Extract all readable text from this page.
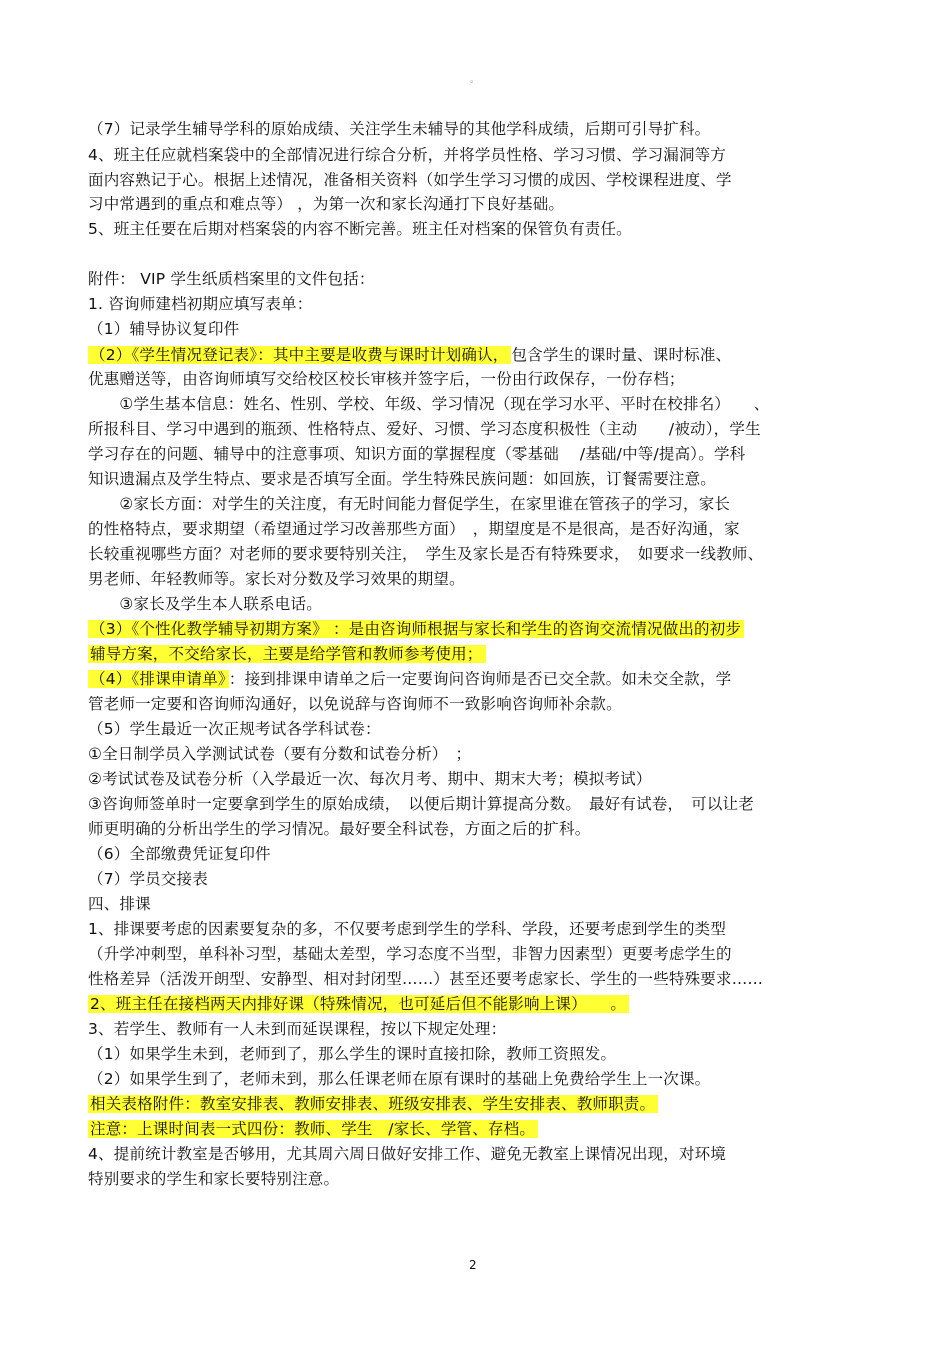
。
（7）记录学生辅导学科的原始成绩、关注学生未辅导的其他学科成绩，后期可引导扩科。
4、班主任应就档案袋中的全部情况进行综合分析，并将学员性格、学习习惯、学习漏洞等方
面内容熟记于心。根据上述情况，准备相关资料（如学生学习习惯的成因、学校课程进度、学
习中常遇到的重点和难点等） ，为第一次和家长沟通打下良好基础。
5、班主任要在后期对档案袋的内容不断完善。班主任对档案的保管负有责任。
附件： VIP 学生纸质档案里的文件包括：
1. 咨询师建档初期应填写表单：
（1）辅导协议复印件
（2）《学生情况登记表》：其中主要是收费与课时计划确认， 包含学生的课时量、课时标准、
优惠赠送等，由咨询师填写交给校区校长审核并签字后，一份由行政保存，一份存档；
　　①学生基本信息：姓名、性别、学校、年级、学习情况（现在学习水平、平时在校排名）　　、
所报科目、学习中遇到的瓶颈、性格特点、爱好、习惯、学习态度积极性（主动　　/被动），学生
学习存在的问题、辅导中的注意事项、知识方面的掌握程度（零基础　 /基础/中等/提高）。学科
知识遗漏点及学生特点、要求是否填写全面。学生特殊民族问题：如回族，订餐需要注意。
　　②家长方面：对学生的关注度，有无时间能力督促学生，在家里谁在管孩子的学习，家长
的性格特点，要求期望（希望通过学习改善那些方面）　，期望度是不是很高，是否好沟通，家
长较重视哪些方面？对老师的要求要特别关注，　学生及家长是否有特殊要求，　如要求一线教师、
男老师、年轻教师等。家长对分数及学习效果的期望。
　　③家长及学生本人联系电话。
（3）《个性化教学辅导初期方案》 ：是由咨询师根据与家长和学生的咨询交流情况做出的初步
辅导方案，不交给家长，主要是给学管和教师参考使用；
（4）《排课申请单》 ：接到排课申请单之后一定要询问咨询师是否已交全款。如未交全款，学
管老师一定要和咨询师沟通好，以免说辞与咨询师不一致影响咨询师补余款。
（5）学生最近一次正规考试各学科试卷：
①全日制学员入学测试试卷（要有分数和试卷分析）　；
②考试试卷及试卷分析（入学最近一次、每次月考、期中、期末大考；模拟考试）
③咨询师签单时一定要拿到学生的原始成绩，　以便后期计算提高分数。　最好有试卷，　可以让老
师更明确的分析出学生的学习情况。最好要全科试卷，方面之后的扩科。
（6）全部缴费凭证复印件
（7）学员交接表
四、排课
1、排课要考虑的因素要复杂的多，不仅要考虑到学生的学科、学段，还要考虑到学生的类型
（升学冲刺型，单科补习型，基础太差型，学习态度不当型，非智力因素型）更要考虑学生的
性格差异（活泼开朗型、安静型、相对封闭型……）甚至还要考虑家长、学生的一些特殊要求……
2、班主任在接档两天内排好课（特殊情况，也可延后但不能影响上课）　　。
3、若学生、教师有一人未到而延误课程，按以下规定处理：
（1）如果学生未到，老师到了，那么学生的课时直接扣除，教师工资照发。
（2）如果学生到了，老师未到，那么任课老师在原有课时的基础上免费给学生上一次课。
相关表格附件：教室安排表、教师安排表、班级安排表、学生安排表、教师职责。
注意：上课时间表一式四份：教师、学生　/家长、学管、存档。
4、提前统计教室是否够用，尤其周六周日做好安排工作、避免无教室上课情况出现，对环境
特别要求的学生和家长要特别注意。
2
